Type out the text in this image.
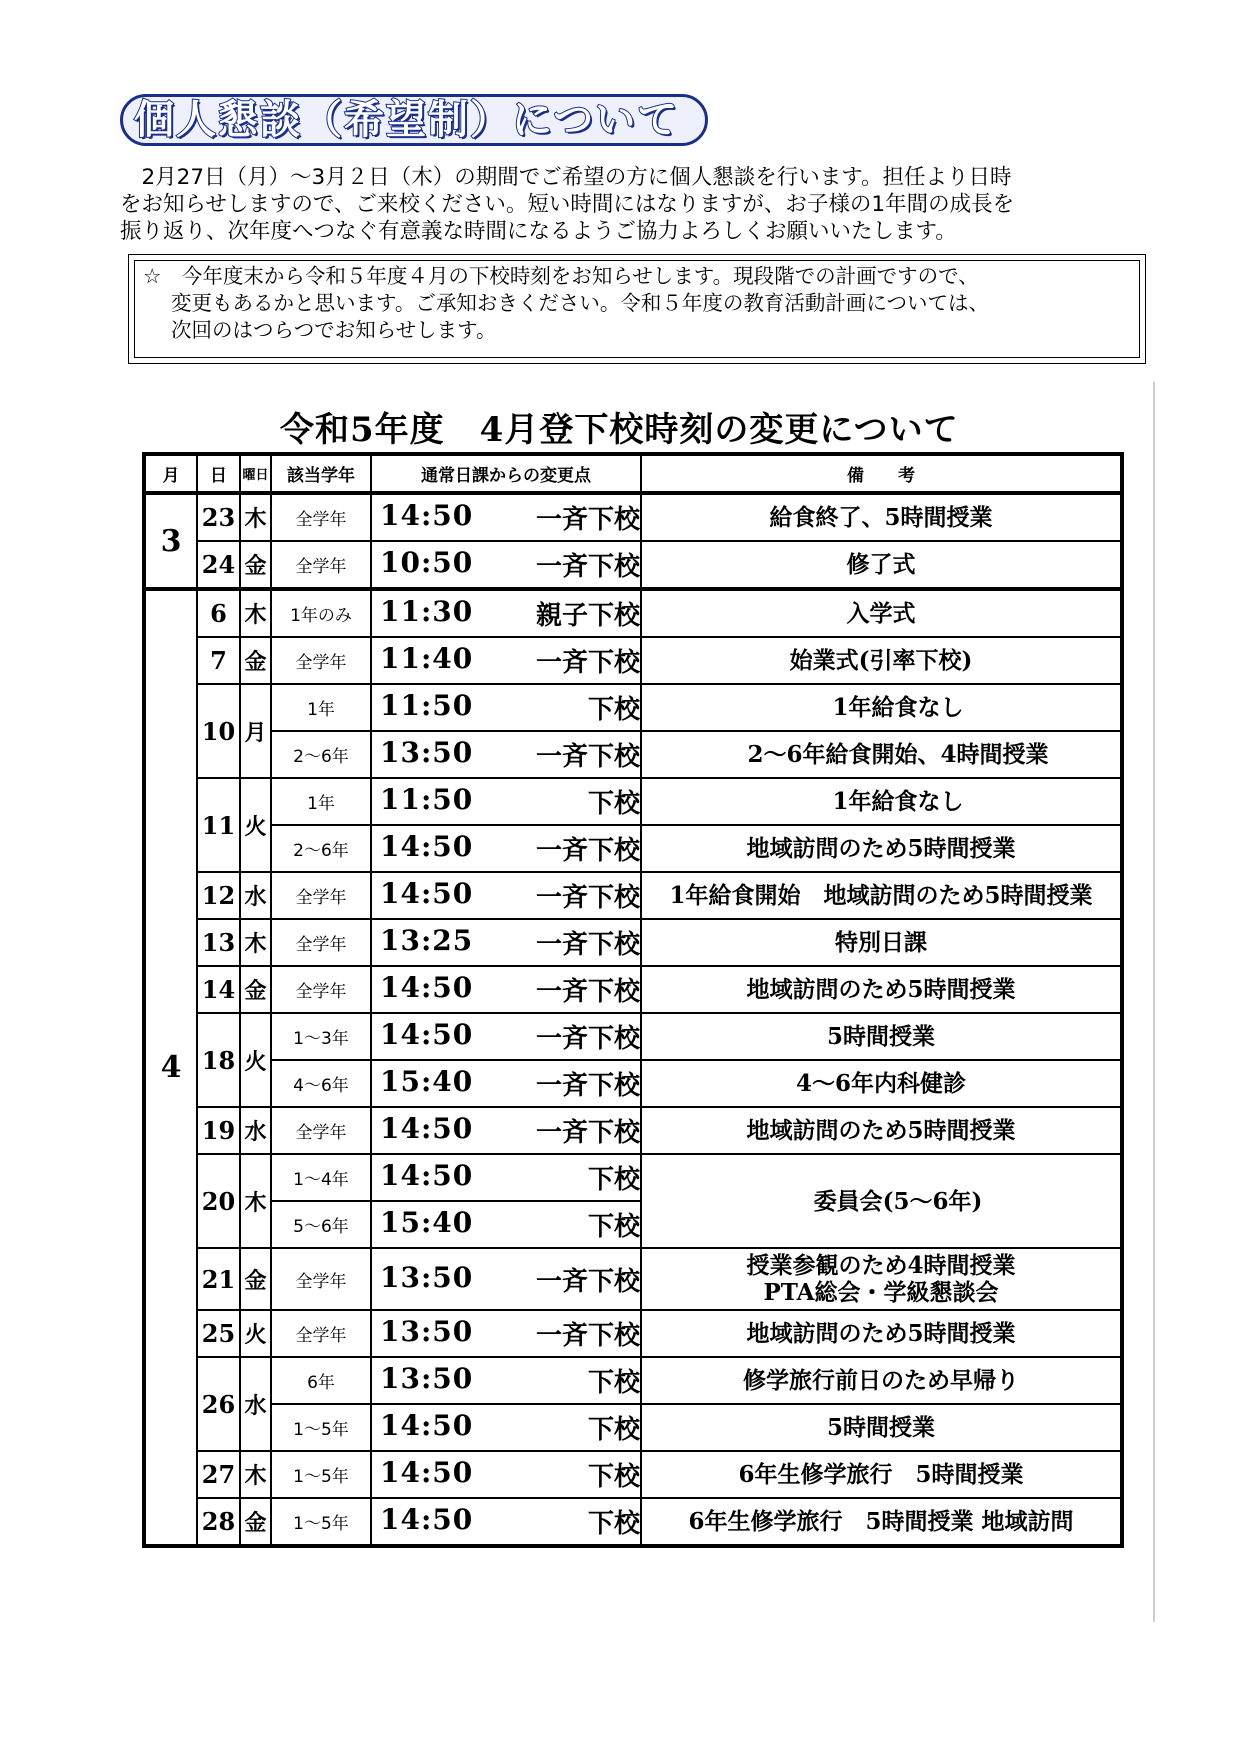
個人懇談（希望制）について
　2月27日（月）～3月２日（木）の期間でご希望の方に個人懇談を行います。担任より日時
をお知らせしますので、ご来校ください。短い時間にはなりますが、お子様の1年間の成長を
振り返り、次年度へつなぐ有意義な時間になるようご協力よろしくお願いいたします。
☆　今年度末から令和５年度４月の下校時刻をお知らせします。現段階での計画ですので、
変更もあるかと思います。ご承知おきください。令和５年度の教育活動計画については、
次回のはつらつでお知らせします。
令和5年度　4月登下校時刻の変更について
月	日	曜日	該当学年	通常日課からの変更点	備　　考
3	23	木	全学年	14:50 一斉下校	給食終了、5時間授業
	24	金	全学年	10:50 一斉下校	修了式
4	6	木	1年のみ	11:30 親子下校	入学式
	7	金	全学年	11:40 一斉下校	始業式(引率下校)
	10	月	1年	11:50 下校	1年給食なし
			2～6年	13:50 一斉下校	2～6年給食開始、4時間授業
	11	火	1年	11:50 下校	1年給食なし
			2～6年	14:50 一斉下校	地域訪問のため5時間授業
	12	水	全学年	14:50 一斉下校	1年給食開始　地域訪問のため5時間授業
	13	木	全学年	13:25 一斉下校	特別日課
	14	金	全学年	14:50 一斉下校	地域訪問のため5時間授業
	18	火	1～3年	14:50 一斉下校	5時間授業
			4～6年	15:40 一斉下校	4～6年内科健診
	19	水	全学年	14:50 一斉下校	地域訪問のため5時間授業
	20	木	1～4年	14:50 下校	委員会(5～6年)
			5～6年	15:40 下校	

	21	金	全学年	13:50 一斉下校	授業参観のため4時間授業
PTA総会・学級懇談会

	25	火	全学年	13:50 一斉下校	地域訪問のため5時間授業
	26	水	6年	13:50 下校	修学旅行前日のため早帰り
			1～5年	14:50 下校	5時間授業
	27	木	1～5年	14:50 下校	6年生修学旅行　5時間授業
	28	金	1～5年	14:50 下校	6年生修学旅行　5時間授業 地域訪問
